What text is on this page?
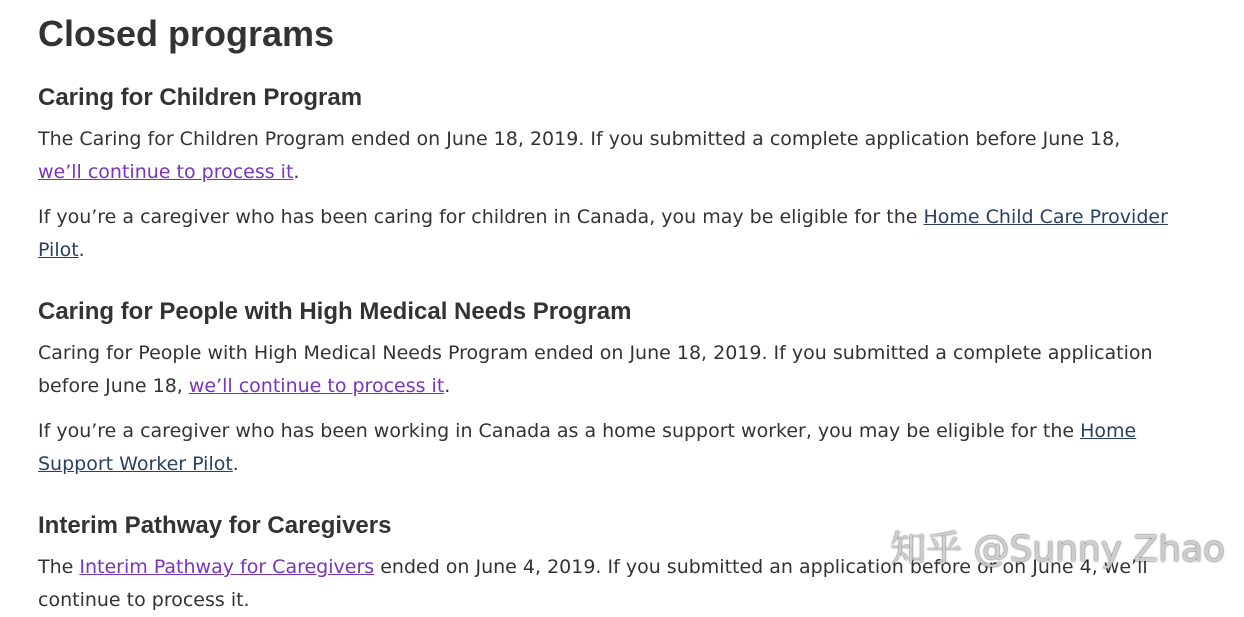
Closed programs
Caring for Children Program

The Caring for Children Program ended on June 18, 2019. If you submitted a complete application before June 18, we’ll continue to process it.

If you’re a caregiver who has been caring for children in Canada, you may be eligible for the Home Child Care Provider Pilot.

Caring for People with High Medical Needs Program

Caring for People with High Medical Needs Program ended on June 18, 2019. If you submitted a complete application before June 18, we’ll continue to process it.

If you’re a caregiver who has been working in Canada as a home support worker, you may be eligible for the Home Support Worker Pilot.

Interim Pathway for Caregivers

The Interim Pathway for Caregivers ended on June 4, 2019. If you submitted an application before or on June 4, we’ll continue to process it.

知乎 @Sunny Zhao
